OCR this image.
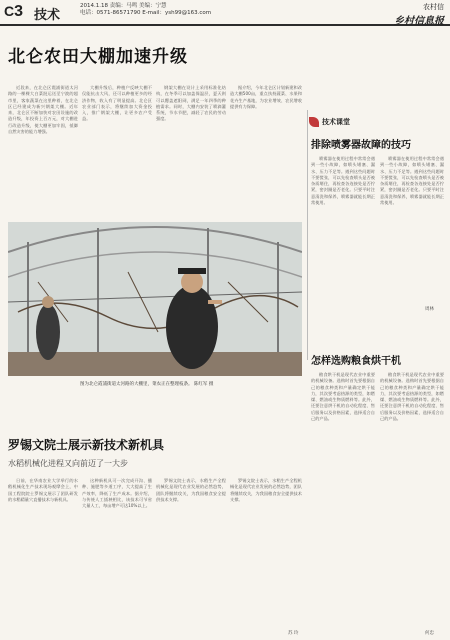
C3 技术
2014.1.18 责编：马鸣 美编：宁慧
电话：0571-86571790 E-mail：ysh99@163.com
农村信
乡村信息报
北仑农田大棚加速升级

近段来，在北仑区霞浦街道太河路的一棵棵大白菜批运送至宁波的超市里，客家蔬菜在这里种着，在北仑区已经建成为新兴钢架大棚。近年来，北仑区不断加快对农田设施的改造升级，年投资上百万元，对大棚进行改造升级，使大棚更加牢固，抵御自然灾害的能力增强。

大棚升级后，种植户反映大棚不仅能抗击大风，还可以种植更多的经济作物，收入有了明显提高。北仑区农业部门表示，将继续加大资金投入，推广钢架大棚，让更多农户受益。

钢架大棚在设计上采用标准化结构，在冬季可以加盖保温层，夏天则可以覆盖遮阳网，满足一年四季的种植需求。同时，大棚内安装了喷滴灌系统，节水节肥，减轻了农民的劳动强度。

据介绍，今年北仑区计划新建和改造大棚500亩，重点扶持蔬菜、水果和花卉生产基地，为农业增效、农民增收提供有力保障。

技术课堂
排除喷雾器故障的技巧

喷雾器在使用过程中常常会遇到一些小故障，如喷头堵塞、漏水、压力不足等。遇到这些问题时不要慌张，可以先检查喷头是否被杂质堵住，再检查各连接处是否拧紧，密封圈是否老化。只要平时注意清洗和保养，喷雾器就能长期正常使用。

喷雾器在使用过程中常常会遇到一些小故障，如喷头堵塞、漏水、压力不足等。遇到这些问题时不要慌张，可以先检查喷头是否被杂质堵住，再检查各连接处是否拧紧，密封圈是否老化。只要平时注意清洗和保养，喷雾器就能长期正常使用。

周林
怎样选购粮食烘干机

粮食烘干机是现代农业中重要的机械设备。选购时首先要根据自己的粮食种类和产量确定烘干能力，其次要考虑热源的类型，如燃煤、燃油或生物质燃料等。此外，还要注意烘干机的自动化程度、售后服务以及价格因素，选择适合自己的产品。

粮食烘干机是现代农业中重要的机械设备。选购时首先要根据自己的粮食种类和产量确定烘干能力，其次要考虑热源的类型，如燃煤、燃油或生物质燃料等。此外，还要注意烘干机的自动化程度、售后服务以及价格因素，选择适合自己的产品。

何忠
图为北仑霞浦街道太河路的大棚里，菜农正在整理枝条。 陈红军 摄
罗锡文院士展示新技术新机具
水稻机械化进程又向前迈了一大步

日前，在华南农业大学举行的水稻机械化生产技术现场观摩会上，中国工程院院士罗锡文展示了团队研发的水稻精量穴直播技术与新机具。

这种新机具可一次完成开沟、播种、施肥等多道工序，大大提高了生产效率，降低了生产成本。据介绍，与传统人工插秧相比，该技术可节省大量人工，每亩增产可达10%以上。

罗锡文院士表示，水稻生产全程机械化是现代农业发展的必然趋势，团队将继续攻关，为我国粮食安全提供技术支撑。

罗锡文院士表示，水稻生产全程机械化是现代农业发展的必然趋势，团队将继续攻关，为我国粮食安全提供技术支撑。

苏 玲
